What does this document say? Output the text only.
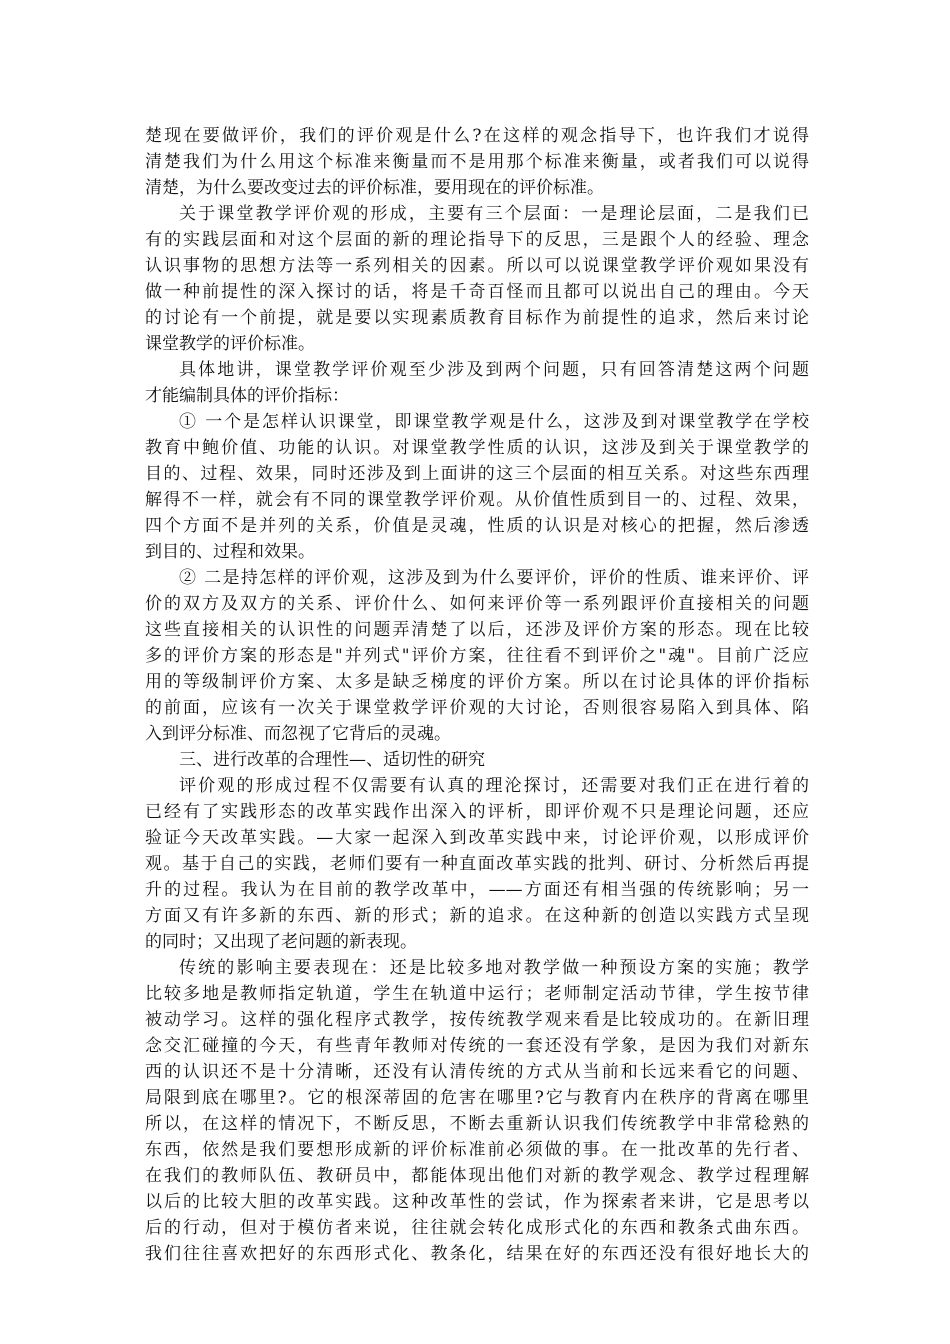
楚现在要做评价，我们的评价观是什么?在这样的观念指导下，也许我们才说得
清楚我们为什么用这个标准来衡量而不是用那个标准来衡量，或者我们可以说得
清楚，为什么要改变过去的评价标准，要用现在的评价标准。
关于课堂教学评价观的形成，主要有三个层面：一是理论层面，二是我们已
有的实践层面和对这个层面的新的理论指导下的反思，三是跟个人的经验、理念
认识事物的思想方法等一系列相关的因素。所以可以说课堂教学评价观如果没有
做一种前提性的深入探讨的话，将是千奇百怪而且都可以说出自己的理由。今天
的讨论有一个前提，就是要以实现素质教育目标作为前提性的追求，然后来讨论
课堂教学的评价标准。
具体地讲，课堂教学评价观至少涉及到两个问题，只有回答清楚这两个问题
才能编制具体的评价指标：
① 一个是怎样认识课堂，即课堂教学观是什么，这涉及到对课堂教学在学校
教育中鲍价值、功能的认识。对课堂教学性质的认识，这涉及到关于课堂教学的
目的、过程、效果，同时还涉及到上面讲的这三个层面的相互关系。对这些东西理
解得不一样，就会有不同的课堂教学评价观。从价值性质到目一的、过程、效果，
四个方面不是并列的关系，价值是灵魂，性质的认识是对核心的把握，然后渗透
到目的、过程和效果。
② 二是持怎样的评价观，这涉及到为什么要评价，评价的性质、谁来评价、评
价的双方及双方的关系、评价什么、如何来评价等一系列跟评价直接相关的问题
这些直接相关的认识性的问题弄清楚了以后，还涉及评价方案的形态。现在比较
多的评价方案的形态是"并列式"评价方案，往往看不到评价之"魂"。目前广泛应
用的等级制评价方案、太多是缺乏梯度的评价方案。所以在讨论具体的评价指标
的前面，应该有一次关于课堂救学评价观的大讨论，否则很容易陷入到具体、陷
入到评分标准、而忽视了它背后的灵魂。
三、进行改革的合理性—、适切性的研究
评价观的形成过程不仅需要有认真的理沦探讨，还需要对我们正在进行着的
已经有了实践形态的改革实践作出深入的评析，即评价观不只是理论问题，还应
验证今天改革实践。—大家一起深入到改革实践中来，讨论评价观，以形成评价
观。基于自己的实践，老师们要有一种直面改革实践的批判、研讨、分析然后再提
升的过程。我认为在目前的教学改革中，——方面还有相当强的传统影响；另一
方面又有许多新的东西、新的形式；新的追求。在这种新的创造以实践方式呈现
的同时；又出现了老问题的新表现。
传统的影响主要表现在：还是比较多地对教学做一种预设方案的实施；教学
比较多地是教师指定轨道，学生在轨道中运行；老师制定活动节律，学生按节律
被动学习。这样的强化程序式教学，按传统教学观来看是比较成功的。在新旧理
念交汇碰撞的今天，有些青年教师对传统的一套还没有学象，是因为我们对新东
西的认识还不是十分清晰，还没有认清传统的方式从当前和长远来看它的问题、
局限到底在哪里?。它的根深蒂固的危害在哪里?它与教育内在秩序的背离在哪里
所以，在这样的情况下，不断反思，不断去重新认识我们传统教学中非常稔熟的
东西，依然是我们要想形成新的评价标准前必须做的事。在一批改革的先行者、
在我们的教师队伍、教研员中，都能体现出他们对新的教学观念、教学过程理解
以后的比较大胆的改革实践。这种改革性的尝试，作为探索者来讲，它是思考以
后的行动，但对于模仿者来说，往往就会转化成形式化的东西和教条式曲东西。
我们往往喜欢把好的东西形式化、教条化，结果在好的东西还没有很好地长大的
